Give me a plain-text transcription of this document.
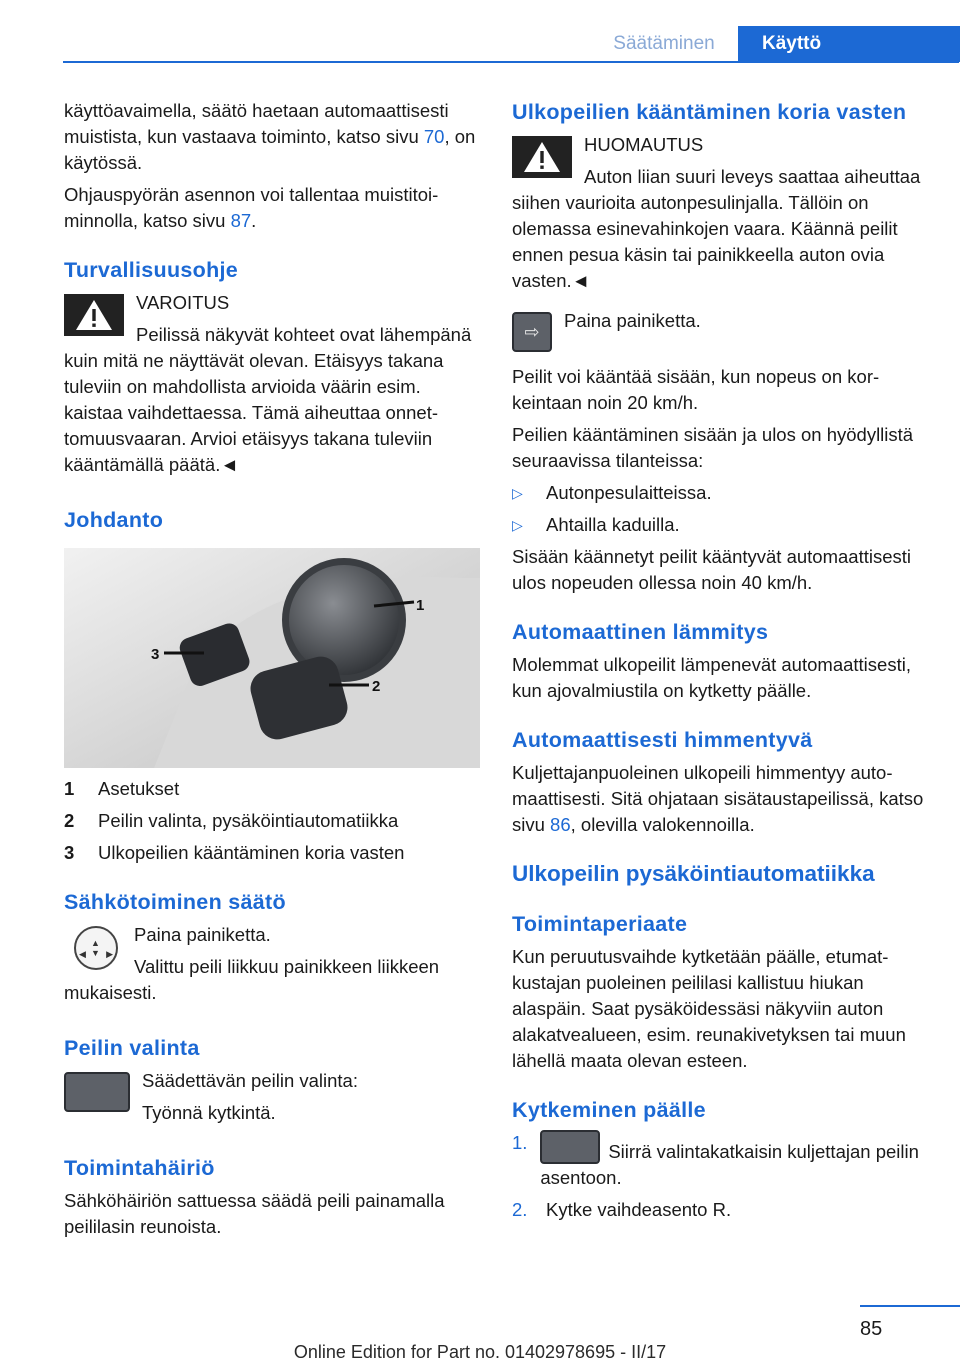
Säätäminen	Käyttö

käyttöavaimella, säätö haetaan automaattisesti muistista, kun vastaava toiminto, katso sivu 70, on käytössä.

Ohjauspyörän asennon voi tallentaa muistitoiminnolla, katso sivu 87.

Turvallisuusohje

VAROITUS

Peilissä näkyvät kohteet ovat lähempänä kuin mitä ne näyttävät olevan. Etäisyys takana tuleviin on mahdollista arvioida väärin esim. kaistaa vaihdettaessa. Tämä aiheuttaa onnettomuusvaaran. Arvioi etäisyys takana tuleviin kääntämällä päätä.◄

Johdanto
1
2
3
1	Asetukset
2	Peilin valinta, pysäköintiautomatiikka
3	Ulkopeilien kääntäminen koria vasten
Sähkötoiminen säätö
▲
▼
◀ ▶

Paina painiketta.

Valittu peili liikkuu painikkeen liikkeen mukaisesti.

Peilin valinta

Säädettävän peilin valinta:

Työnnä kytkintä.

Toimintahäiriö

Sähköhäiriön sattuessa säädä peili painamalla peililasin reunoista.

Ulkopeilien kääntäminen koria vasten

HUOMAUTUS

Auton liian suuri leveys saattaa aiheuttaa siihen vaurioita autonpesulinjalla. Tällöin on olemassa esinevahinkojen vaara. Käännä peilit ennen pesua käsin tai painikkeella auton ovia vasten.◄

⇨

Paina painiketta.

Peilit voi kääntää sisään, kun nopeus on korkeintaan noin 20 km/h.

Peilien kääntäminen sisään ja ulos on hyödyllistä seuraavissa tilanteissa:

▷	Autonpesulaitteissa.
▷	Ahtailla kaduilla.

Sisään käännetyt peilit kääntyvät automaattisesti ulos nopeuden ollessa noin 40 km/h.

Automaattinen lämmitys

Molemmat ulkopeilit lämpenevät automaattisesti, kun ajovalmiustila on kytketty päälle.

Automaattisesti himmentyvä

Kuljettajanpuoleinen ulkopeili himmentyy automaattisesti. Sitä ohjataan sisätaustapeilissä, katso sivu 86, olevilla valokennoilla.

Ulkopeilin pysäköintiautomatiikka
Toimintaperiaate

Kun peruutusvaihde kytketään päälle, etumatkustajan puoleinen peililasi kallistuu hiukan alaspäin. Saat pysäköidessäsi näkyviin auton alakatvealueen, esim. reunakivetyksen tai muun lähellä maata olevan esteen.

Kytkeminen päälle
1.	Siirrä valintakatkaisin kuljettajan peilin asentoon.
2.	Kytke vaihdeasento R.
85
Online Edition for Part no. 01402978695 - II/17
